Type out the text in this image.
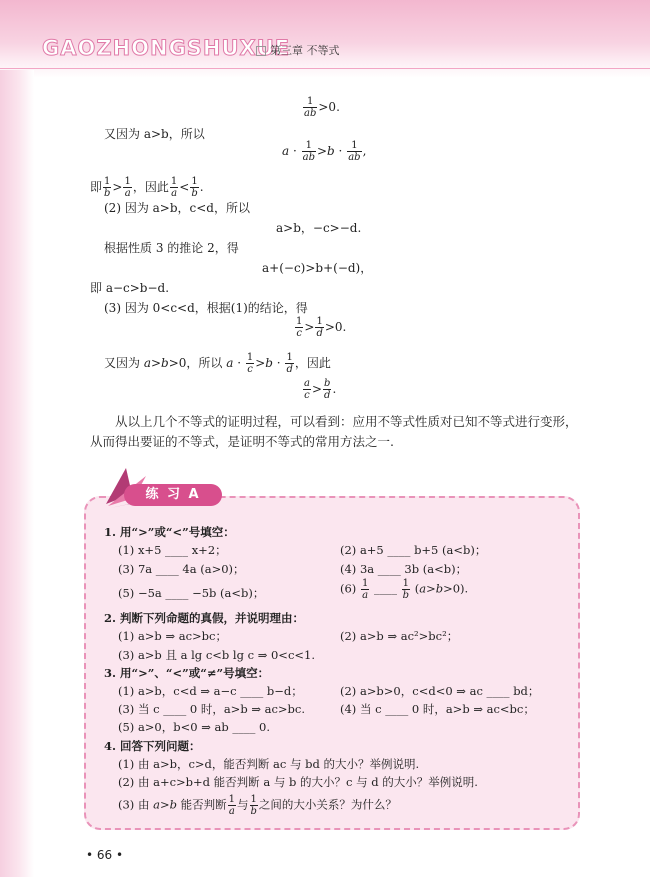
GAOZHONGSHUXUE
第三章 不等式
$\frac{1}{ab} >0$.
又因为 a>b，所以
$a \cdot \frac{1}{ab} >b \cdot \frac{1}{ab}$ ,
即 $\frac{1}{b} > \frac{1}{a}$ ，因此 $\frac{1}{a} < \frac{1}{b}$ .
(2) 因为 a>b，c<d，所以
a>b，−c>−d.
根据性质 3 的推论 2，得
a+(−c)>b+(−d)，
即 a−c>b−d.
(3) 因为 0<c<d，根据(1)的结论，得
$\frac{1}{c} > \frac{1}{d} >0$.
又因为 a>b>0，所以 $a \cdot \frac{1}{c} >b \cdot \frac{1}{d}$ ，因此
$\frac{a}{c} > \frac{b}{d}$ .
从以上几个不等式的证明过程，可以看到：应用不等式性质对已知不等式进行变形，从而得出要证的不等式，是证明不等式的常用方法之一.
练 习 A
1. 用“>”或“<”号填空：
(1) x+5 ____ x+2；	(2) a+5 ____ b+5 (a<b)；
(3) 7a ____ 4a (a>0)；	(4) 3a ____ 3b (a<b)；
(5) −5a ____ −5b (a<b)；	$(6) \frac{1}{a}$ ____ $\frac{1}{b} (a>b>0)$.
2. 判断下列命题的真假，并说明理由：
(1) a>b ⇒ ac>bc；	(2) a>b ⇒ ac²>bc²；
(3) a>b 且 a lg c<b lg c ⇒ 0<c<1.
3. 用“>”、“<”或“≠”号填空：
(1) a>b，c<d ⇒ a−c ____ b−d；	(2) a>b>0，c<d<0 ⇒ ac ____ bd；
(3) 当 c ____ 0 时，a>b ⇒ ac>bc.	(4) 当 c ____ 0 时，a>b ⇒ ac<bc；
(5) a>0，b<0 ⇒ ab ____ 0.
4. 回答下列问题：
(1) 由 a>b，c>d，能否判断 ac 与 bd 的大小？举例说明.
(2) 由 a+c>b+d 能否判断 a 与 b 的大小？c 与 d 的大小？举例说明.
(3) 由 a>b 能否判断 $\frac{1}{a}$ 与 $\frac{1}{b}$ 之间的大小关系？为什么？
• 66 •
